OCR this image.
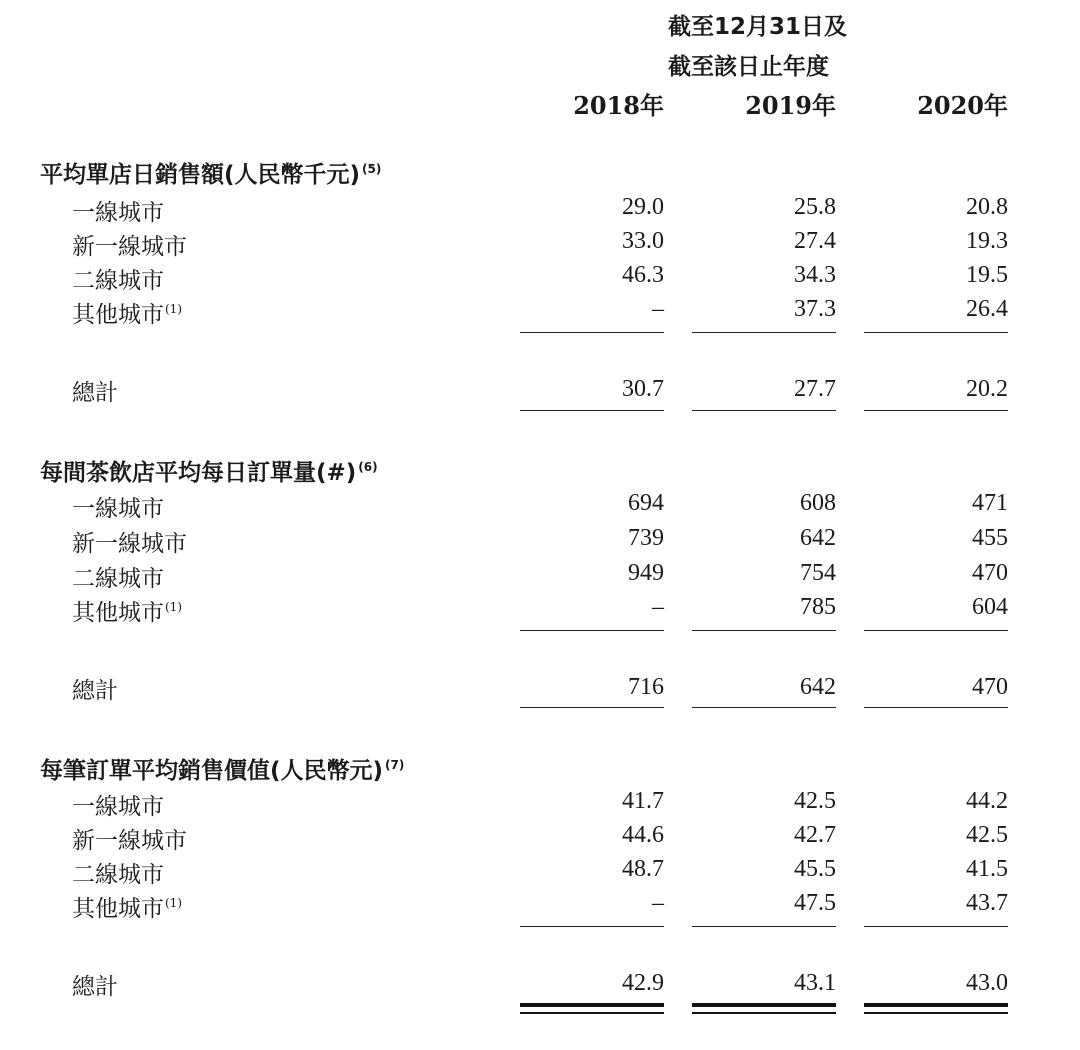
截至12月31日及
截至該日止年度
2018年	2019年	2020年
平均單店日銷售額(人民幣千元) $^{(5)}$
一線城市	29.0	25.8	20.8
新一線城市	33.0	27.4	19.3
二線城市	46.3	34.3	19.5
其他城市$^{(1)}$	–	37.3	26.4
總計	30.7	27.7	20.2
每間茶飲店平均每日訂單量(#) $^{(6)}$
一線城市	694	608	471
新一線城市	739	642	455
二線城市	949	754	470
其他城市$^{(1)}$	–	785	604
總計	716	642	470
每筆訂單平均銷售價值(人民幣元) $^{(7)}$
一線城市	41.7	42.5	44.2
新一線城市	44.6	42.7	42.5
二線城市	48.7	45.5	41.5
其他城市$^{(1)}$	–	47.5	43.7
總計	42.9	43.1	43.0
